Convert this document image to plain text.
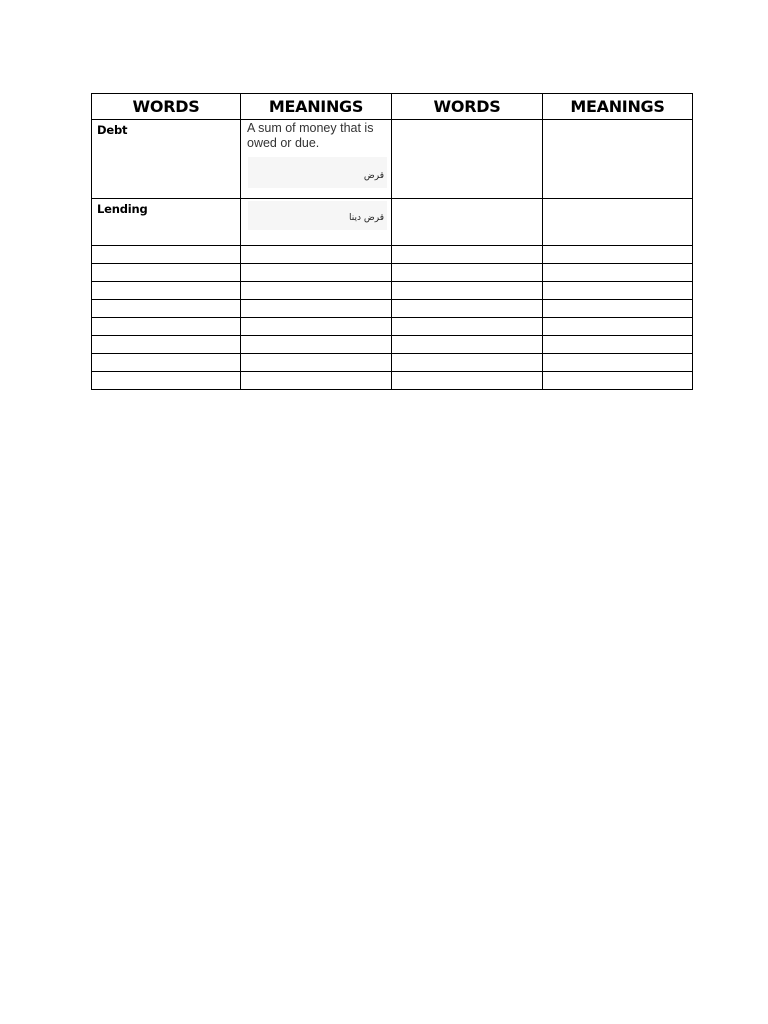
WORDS	MEANINGS	WORDS	MEANINGS

Debt	A sum of money that is owed or due.
قرض		

Lending	قرض دينا		
